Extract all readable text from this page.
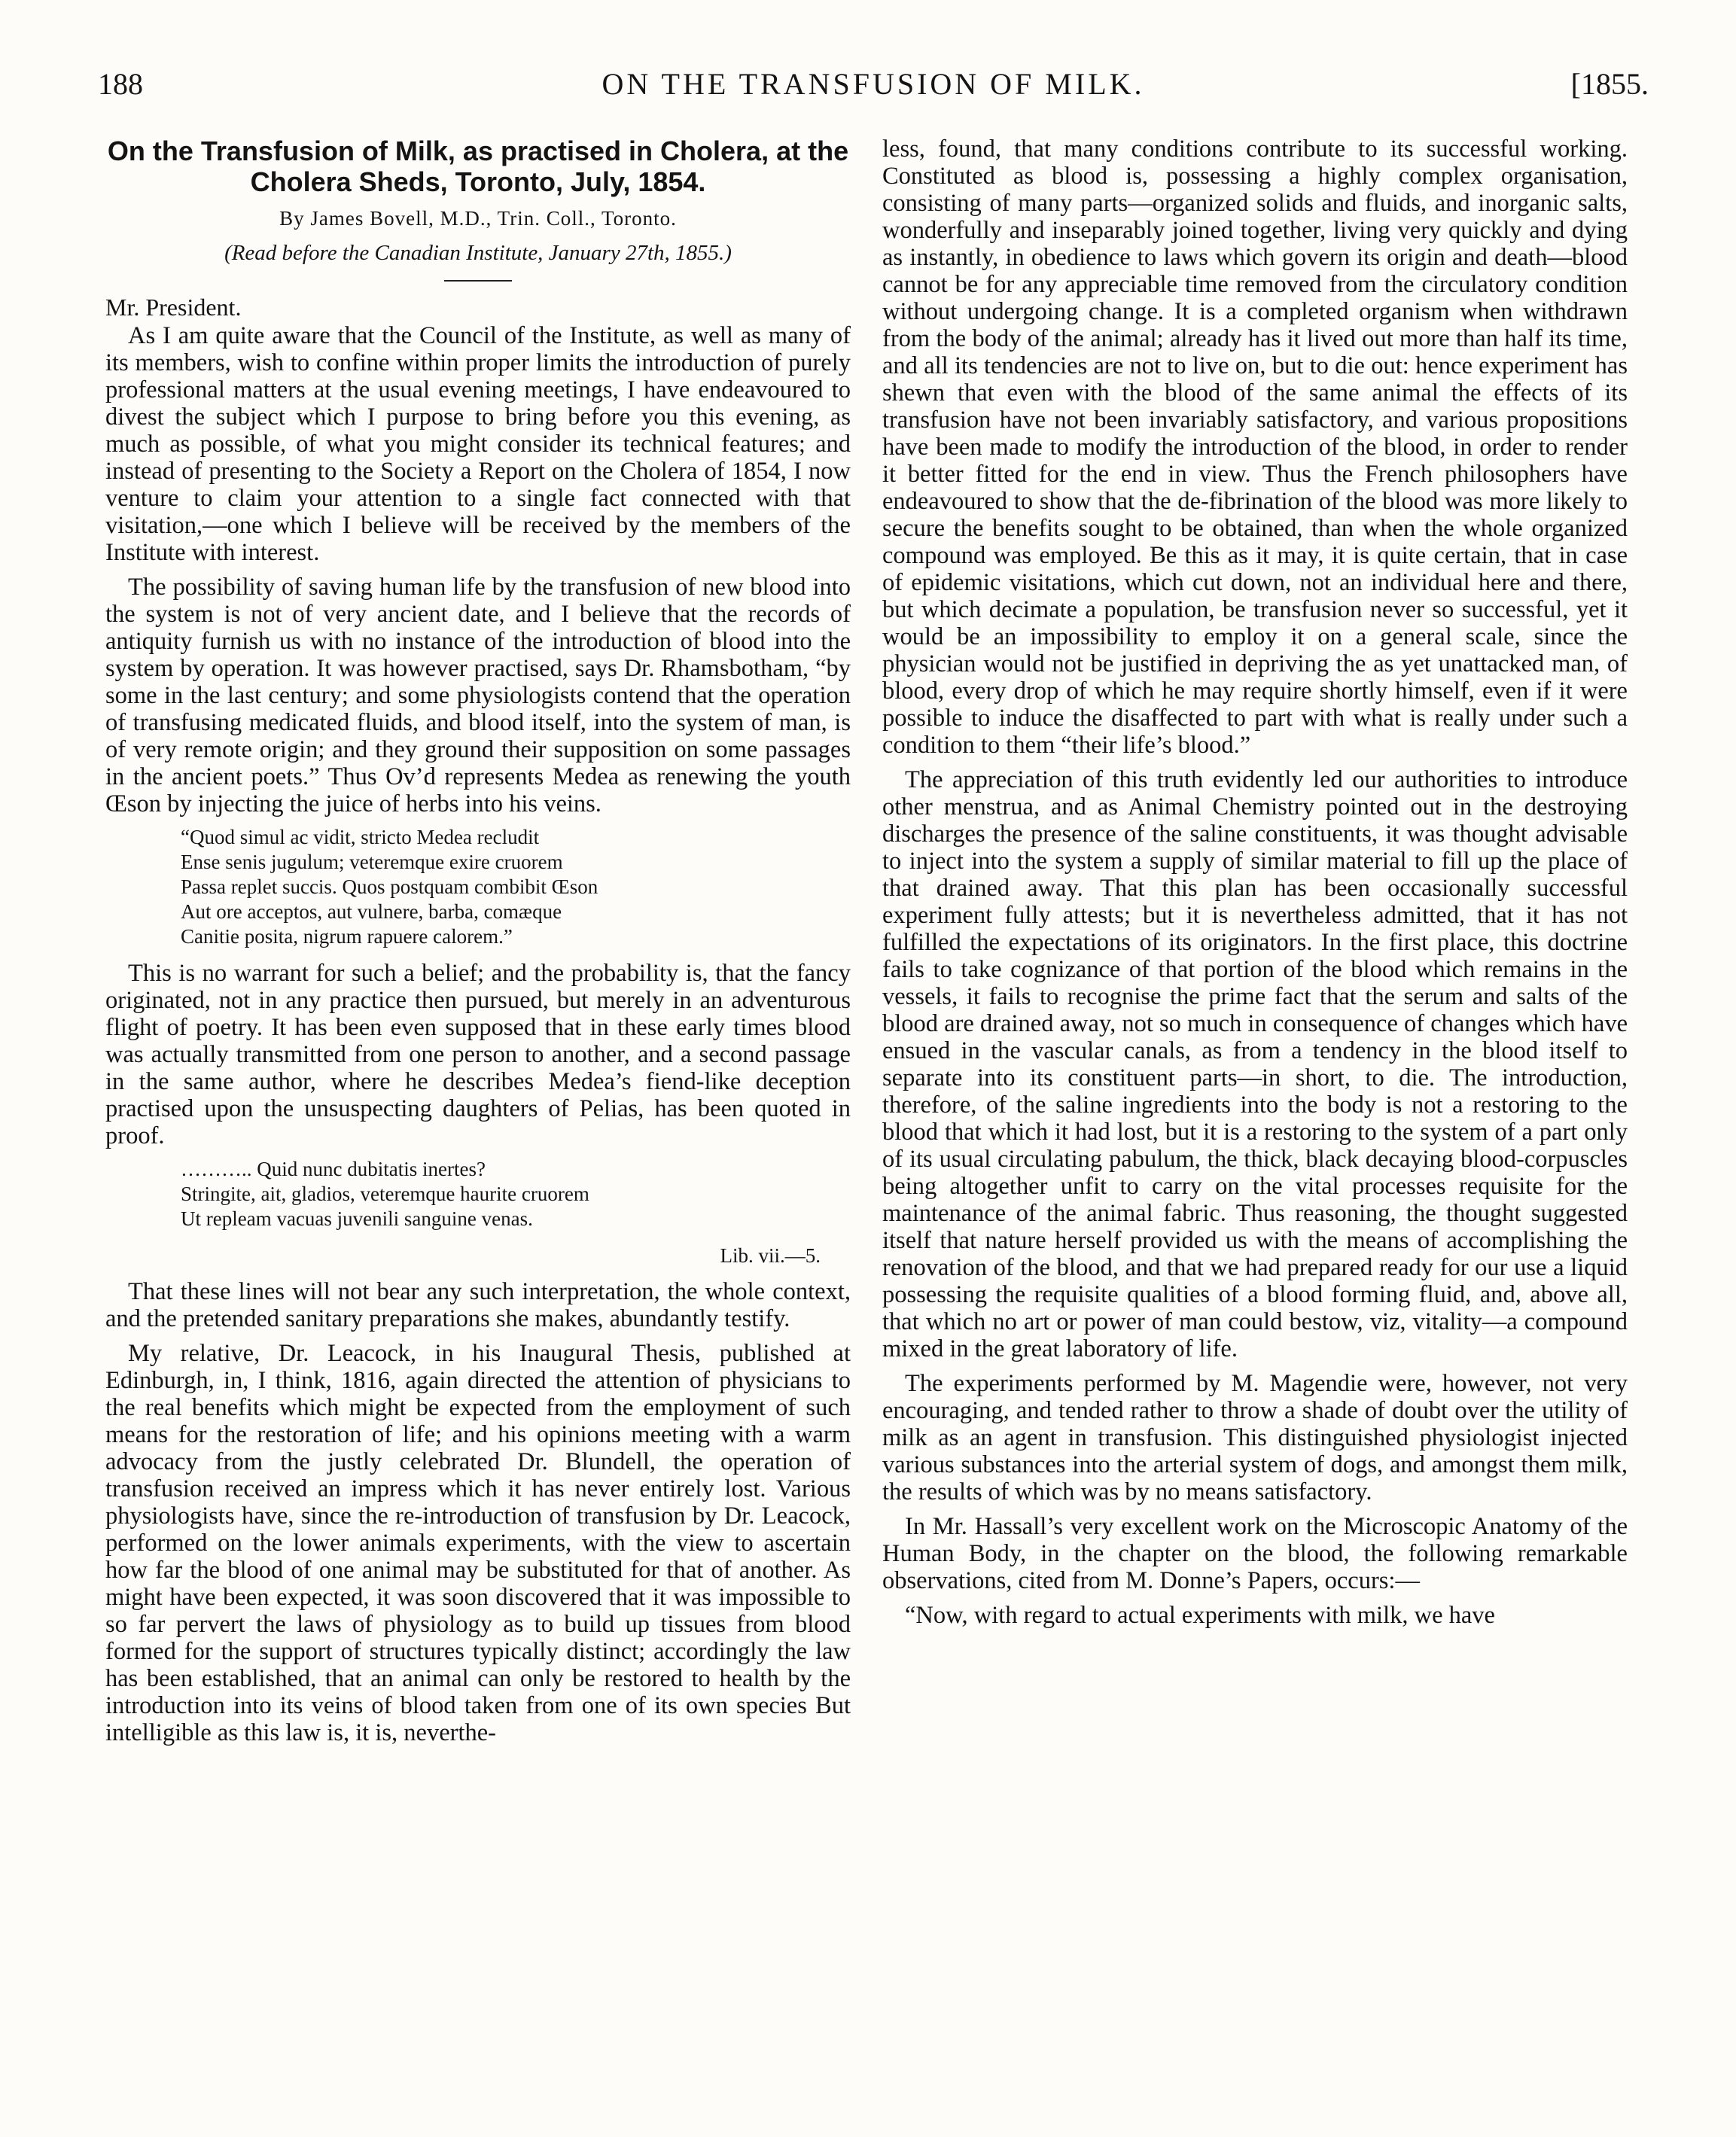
188	ON THE TRANSFUSION OF MILK.	[1855.
On the Transfusion of Milk, as practised in Cholera, at the Cholera Sheds, Toronto, July, 1854.
By James Bovell, M.D., Trin. Coll., Toronto.
(Read before the Canadian Institute, January 27th, 1855.)
Mr. President.

As I am quite aware that the Council of the Institute, as well as many of its members, wish to confine within proper limits the introduction of purely professional matters at the usual evening meetings, I have endeavoured to divest the subject which I purpose to bring before you this evening, as much as possible, of what you might consider its technical features; and instead of presenting to the Society a Report on the Cholera of 1854, I now venture to claim your attention to a single fact connected with that visitation,—one which I believe will be received by the members of the Institute with interest.

The possibility of saving human life by the transfusion of new blood into the system is not of very ancient date, and I believe that the records of antiquity furnish us with no instance of the introduction of blood into the system by operation. It was however practised, says Dr. Rhamsbotham, “by some in the last century; and some physiologists contend that the operation of transfusing medicated fluids, and blood itself, into the system of man, is of very remote origin; and they ground their supposition on some passages in the ancient poets.” Thus Ov’d represents Medea as renewing the youth Œson by injecting the juice of herbs into his veins.

“Quod simul ac vidit, stricto Medea recludit
Ense senis jugulum; veteremque exire cruorem
Passa replet succis. Quos postquam combibit Œson
Aut ore acceptos, aut vulnere, barba, comæque
Canitie posita, nigrum rapuere calorem.”

This is no warrant for such a belief; and the probability is, that the fancy originated, not in any practice then pursued, but merely in an adventurous flight of poetry. It has been even supposed that in these early times blood was actually transmitted from one person to another, and a second passage in the same author, where he describes Medea’s fiend-like deception practised upon the unsuspecting daughters of Pelias, has been quoted in proof.

……….. Quid nunc dubitatis inertes?
Stringite, ait, gladios, veteremque haurite cruorem
Ut repleam vacuas juvenili sanguine venas.
Lib. vii.—5.

That these lines will not bear any such interpretation, the whole context, and the pretended sanitary preparations she makes, abundantly testify.

My relative, Dr. Leacock, in his Inaugural Thesis, published at Edinburgh, in, I think, 1816, again directed the attention of physicians to the real benefits which might be expected from the employment of such means for the restoration of life; and his opinions meeting with a warm advocacy from the justly celebrated Dr. Blundell, the operation of transfusion received an impress which it has never entirely lost. Various physiologists have, since the re-introduction of transfusion by Dr. Leacock, performed on the lower animals experiments, with the view to ascertain how far the blood of one animal may be substituted for that of another. As might have been expected, it was soon discovered that it was impossible to so far pervert the laws of physiology as to build up tissues from blood formed for the support of structures typically distinct; accordingly the law has been established, that an animal can only be restored to health by the introduction into its veins of blood taken from one of its own species But intelligible as this law is, it is, neverthe-

less, found, that many conditions contribute to its successful working. Constituted as blood is, possessing a highly complex organisation, consisting of many parts—organized solids and fluids, and inorganic salts, wonderfully and inseparably joined together, living very quickly and dying as instantly, in obedience to laws which govern its origin and death—blood cannot be for any appreciable time removed from the circulatory condition without undergoing change. It is a completed organism when withdrawn from the body of the animal; already has it lived out more than half its time, and all its tendencies are not to live on, but to die out: hence experiment has shewn that even with the blood of the same animal the effects of its transfusion have not been invariably satisfactory, and various propositions have been made to modify the introduction of the blood, in order to render it better fitted for the end in view. Thus the French philosophers have endeavoured to show that the de-fibrination of the blood was more likely to secure the benefits sought to be obtained, than when the whole organized compound was employed. Be this as it may, it is quite certain, that in case of epidemic visitations, which cut down, not an individual here and there, but which decimate a population, be transfusion never so successful, yet it would be an impossibility to employ it on a general scale, since the physician would not be justified in depriving the as yet unattacked man, of blood, every drop of which he may require shortly himself, even if it were possible to induce the disaffected to part with what is really under such a condition to them “their life’s blood.”

The appreciation of this truth evidently led our authorities to introduce other menstrua, and as Animal Chemistry pointed out in the destroying discharges the presence of the saline constituents, it was thought advisable to inject into the system a supply of similar material to fill up the place of that drained away. That this plan has been occasionally successful experiment fully attests; but it is nevertheless admitted, that it has not fulfilled the expectations of its originators. In the first place, this doctrine fails to take cognizance of that portion of the blood which remains in the vessels, it fails to recognise the prime fact that the serum and salts of the blood are drained away, not so much in consequence of changes which have ensued in the vascular canals, as from a tendency in the blood itself to separate into its constituent parts—in short, to die. The introduction, therefore, of the saline ingredients into the body is not a restoring to the blood that which it had lost, but it is a restoring to the system of a part only of its usual circulating pabulum, the thick, black decaying blood-corpuscles being altogether unfit to carry on the vital processes requisite for the maintenance of the animal fabric. Thus reasoning, the thought suggested itself that nature herself provided us with the means of accomplishing the renovation of the blood, and that we had prepared ready for our use a liquid possessing the requisite qualities of a blood forming fluid, and, above all, that which no art or power of man could bestow, viz, vitality—a compound mixed in the great laboratory of life.

The experiments performed by M. Magendie were, however, not very encouraging, and tended rather to throw a shade of doubt over the utility of milk as an agent in transfusion. This distinguished physiologist injected various substances into the arterial system of dogs, and amongst them milk, the results of which was by no means satisfactory.

In Mr. Hassall’s very excellent work on the Microscopic Anatomy of the Human Body, in the chapter on the blood, the following remarkable observations, cited from M. Donne’s Papers, occurs:—

“Now, with regard to actual experiments with milk, we have
